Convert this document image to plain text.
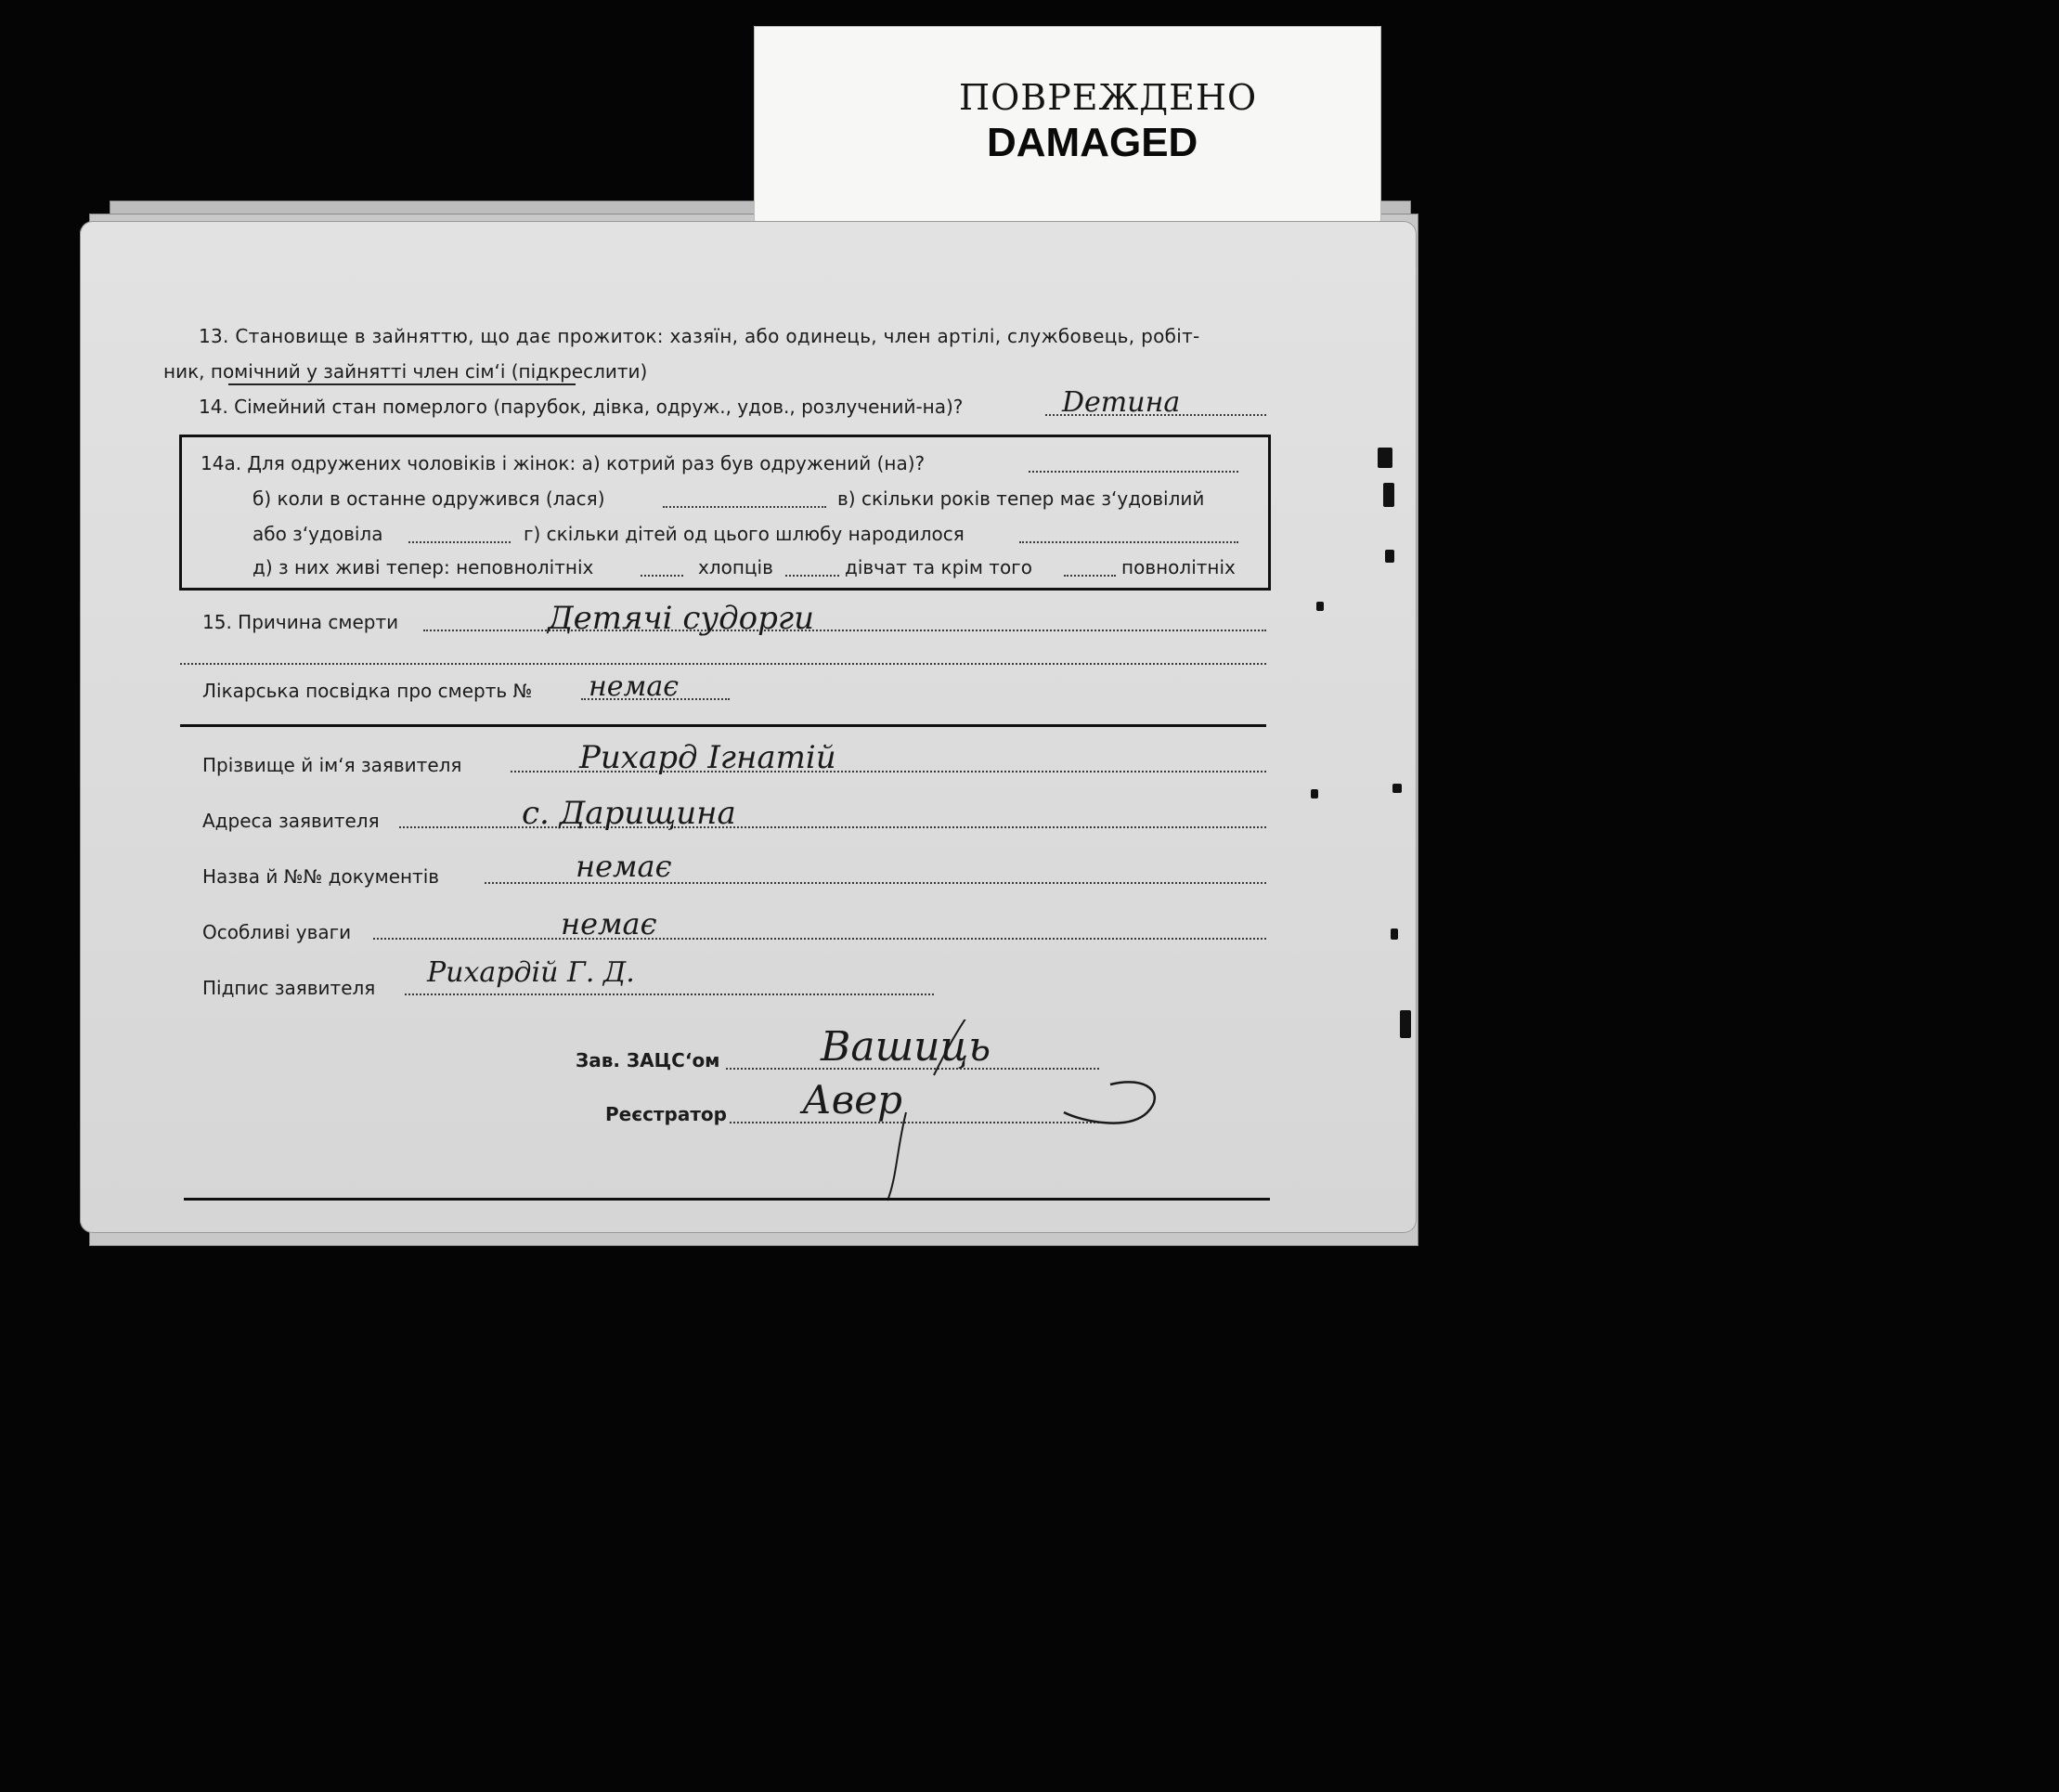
ПОВРЕЖДЕНО
DAMAGED
13. Становище в зайняттю, що дає прожиток: хазяїн, або одинець, член артілі, службовець, робіт-
ник, помічний у зайнятті член сім‘і (підкреслити)
14. Сімейний стан померлого (парубок, дівка, одруж., удов., розлучений-на)?	Deтинa
14а. Для одружених чоловіків і жінок: а) котрий раз був одружений (на)?
б) коли в останне одружився (лася)	в) скільки років тепер має з‘удовілий
або з‘удовіла	г) скільки дітей од цього шлюбу народилося
д) з них живі тепер: неповнолітніх	хлопців	дівчат та крім того	повнолітніх
15. Причина смерти	Детячi судорги
Лікарська посвідка про смерть № немає
Прізвище й ім‘я заявителя	Рихард Ігнатій
Адреса заявителя	с. Дарищина
Назва й №№ документів	немає
Особливі уваги	немає
Підпис заявителя Рихардій Г. Д.
Зав. ЗАЦС‘ом Вашиць
Реєстратор Авер
